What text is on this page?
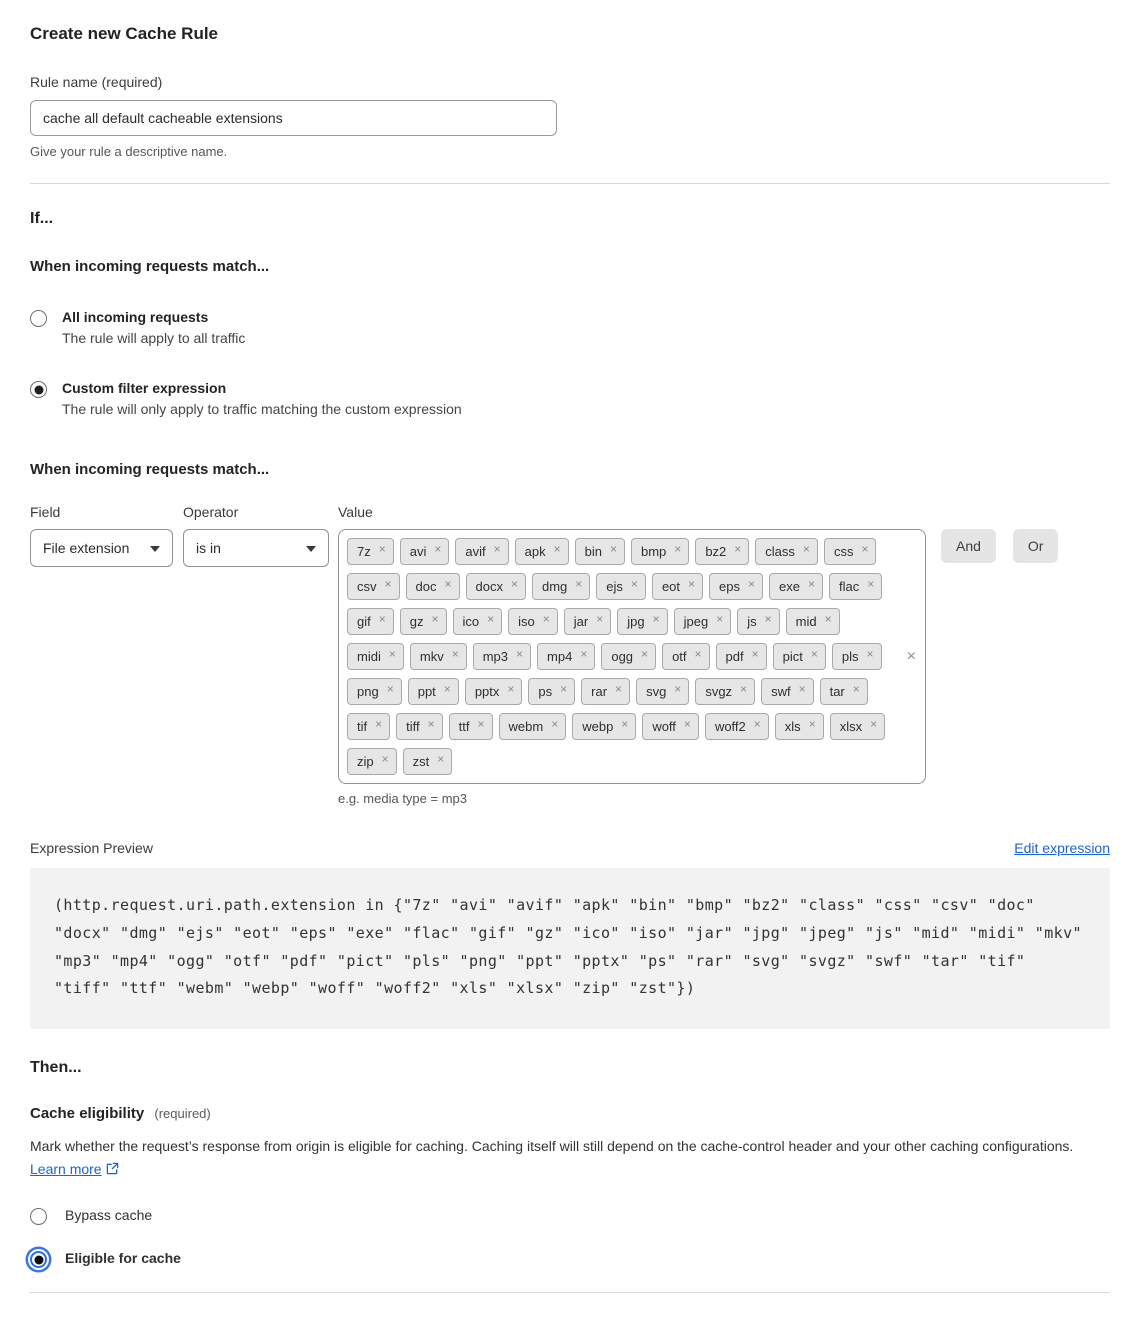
Create new Cache Rule
Rule name (required)
cache all default cacheable extensions
Give your rule a descriptive name.
If...
When incoming requests match...
All incoming requests
The rule will apply to all traffic
Custom filter expression
The rule will only apply to traffic matching the custom expression
When incoming requests match...
Field
File extension
Operator
is in
Value
7z × avi × avif × apk × bin × bmp × bz2 × class × css ×
csv × doc × docx × dmg × ejs × eot × eps × exe × flac ×
gif × gz × ico × iso × jar × jpg × jpeg × js × mid ×
midi × mkv × mp3 × mp4 × ogg × otf × pdf × pict × pls ×
png × ppt × pptx × ps × rar × svg × svgz × swf × tar ×
tif × tiff × ttf × webm × webp × woff × woff2 × xls × xlsx ×
zip × zst ×
×
e.g. media type = mp3

And	Or
Expression Preview	Edit expression
(http.request.uri.path.extension in {"7z" "avi" "avif" "apk" "bin" "bmp" "bz2" "class" "css" "csv" "doc" "docx" "dmg" "ejs" "eot" "eps" "exe" "flac" "gif" "gz" "ico" "iso" "jar" "jpg" "jpeg" "js" "mid" "midi" "mkv" "mp3" "mp4" "ogg" "otf" "pdf" "pict" "pls" "png" "ppt" "pptx" "ps" "rar" "svg" "svgz" "swf" "tar" "tif" "tiff" "ttf" "webm" "webp" "woff" "woff2" "xls" "xlsx" "zip" "zst"})
Then...
Cache eligibility (required)
Mark whether the request’s response from origin is eligible for caching. Caching itself will still depend on the cache-control header and your other caching configurations. Learn more
Bypass cache
Eligible for cache
